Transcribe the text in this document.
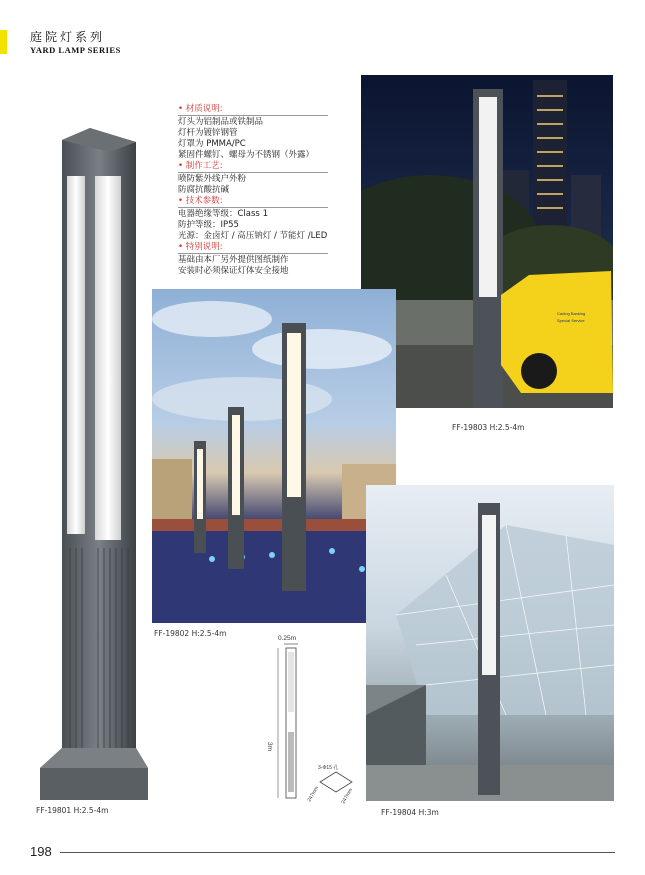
庭院灯系列
YARD LAMP SERIES
FF-19801 H:2.5-4m
• 材质说明:
灯头为铝制品或铁制品
灯杆为镀锌钢管
灯罩为 PMMA/PC
紧固件螺钉、螺母为不锈钢（外露）
• 制作工艺:
喷防紫外线户外粉
防腐抗酸抗碱
• 技术参数:
电器绝缘等级：Class 1
防护等级：IP55
光源：金卤灯 / 高压钠灯 / 节能灯 /LED
• 特别说明:
基础由本厂另外提供图纸制作
安装时必须保证灯体安全接地
Carling Banking
Special Service
FF-19803 H:2.5-4m
FF-19802 H:2.5-4m
0.25m
3m
3-Φ15 孔
247mm	247mm
FF-19804 H:3m
198
